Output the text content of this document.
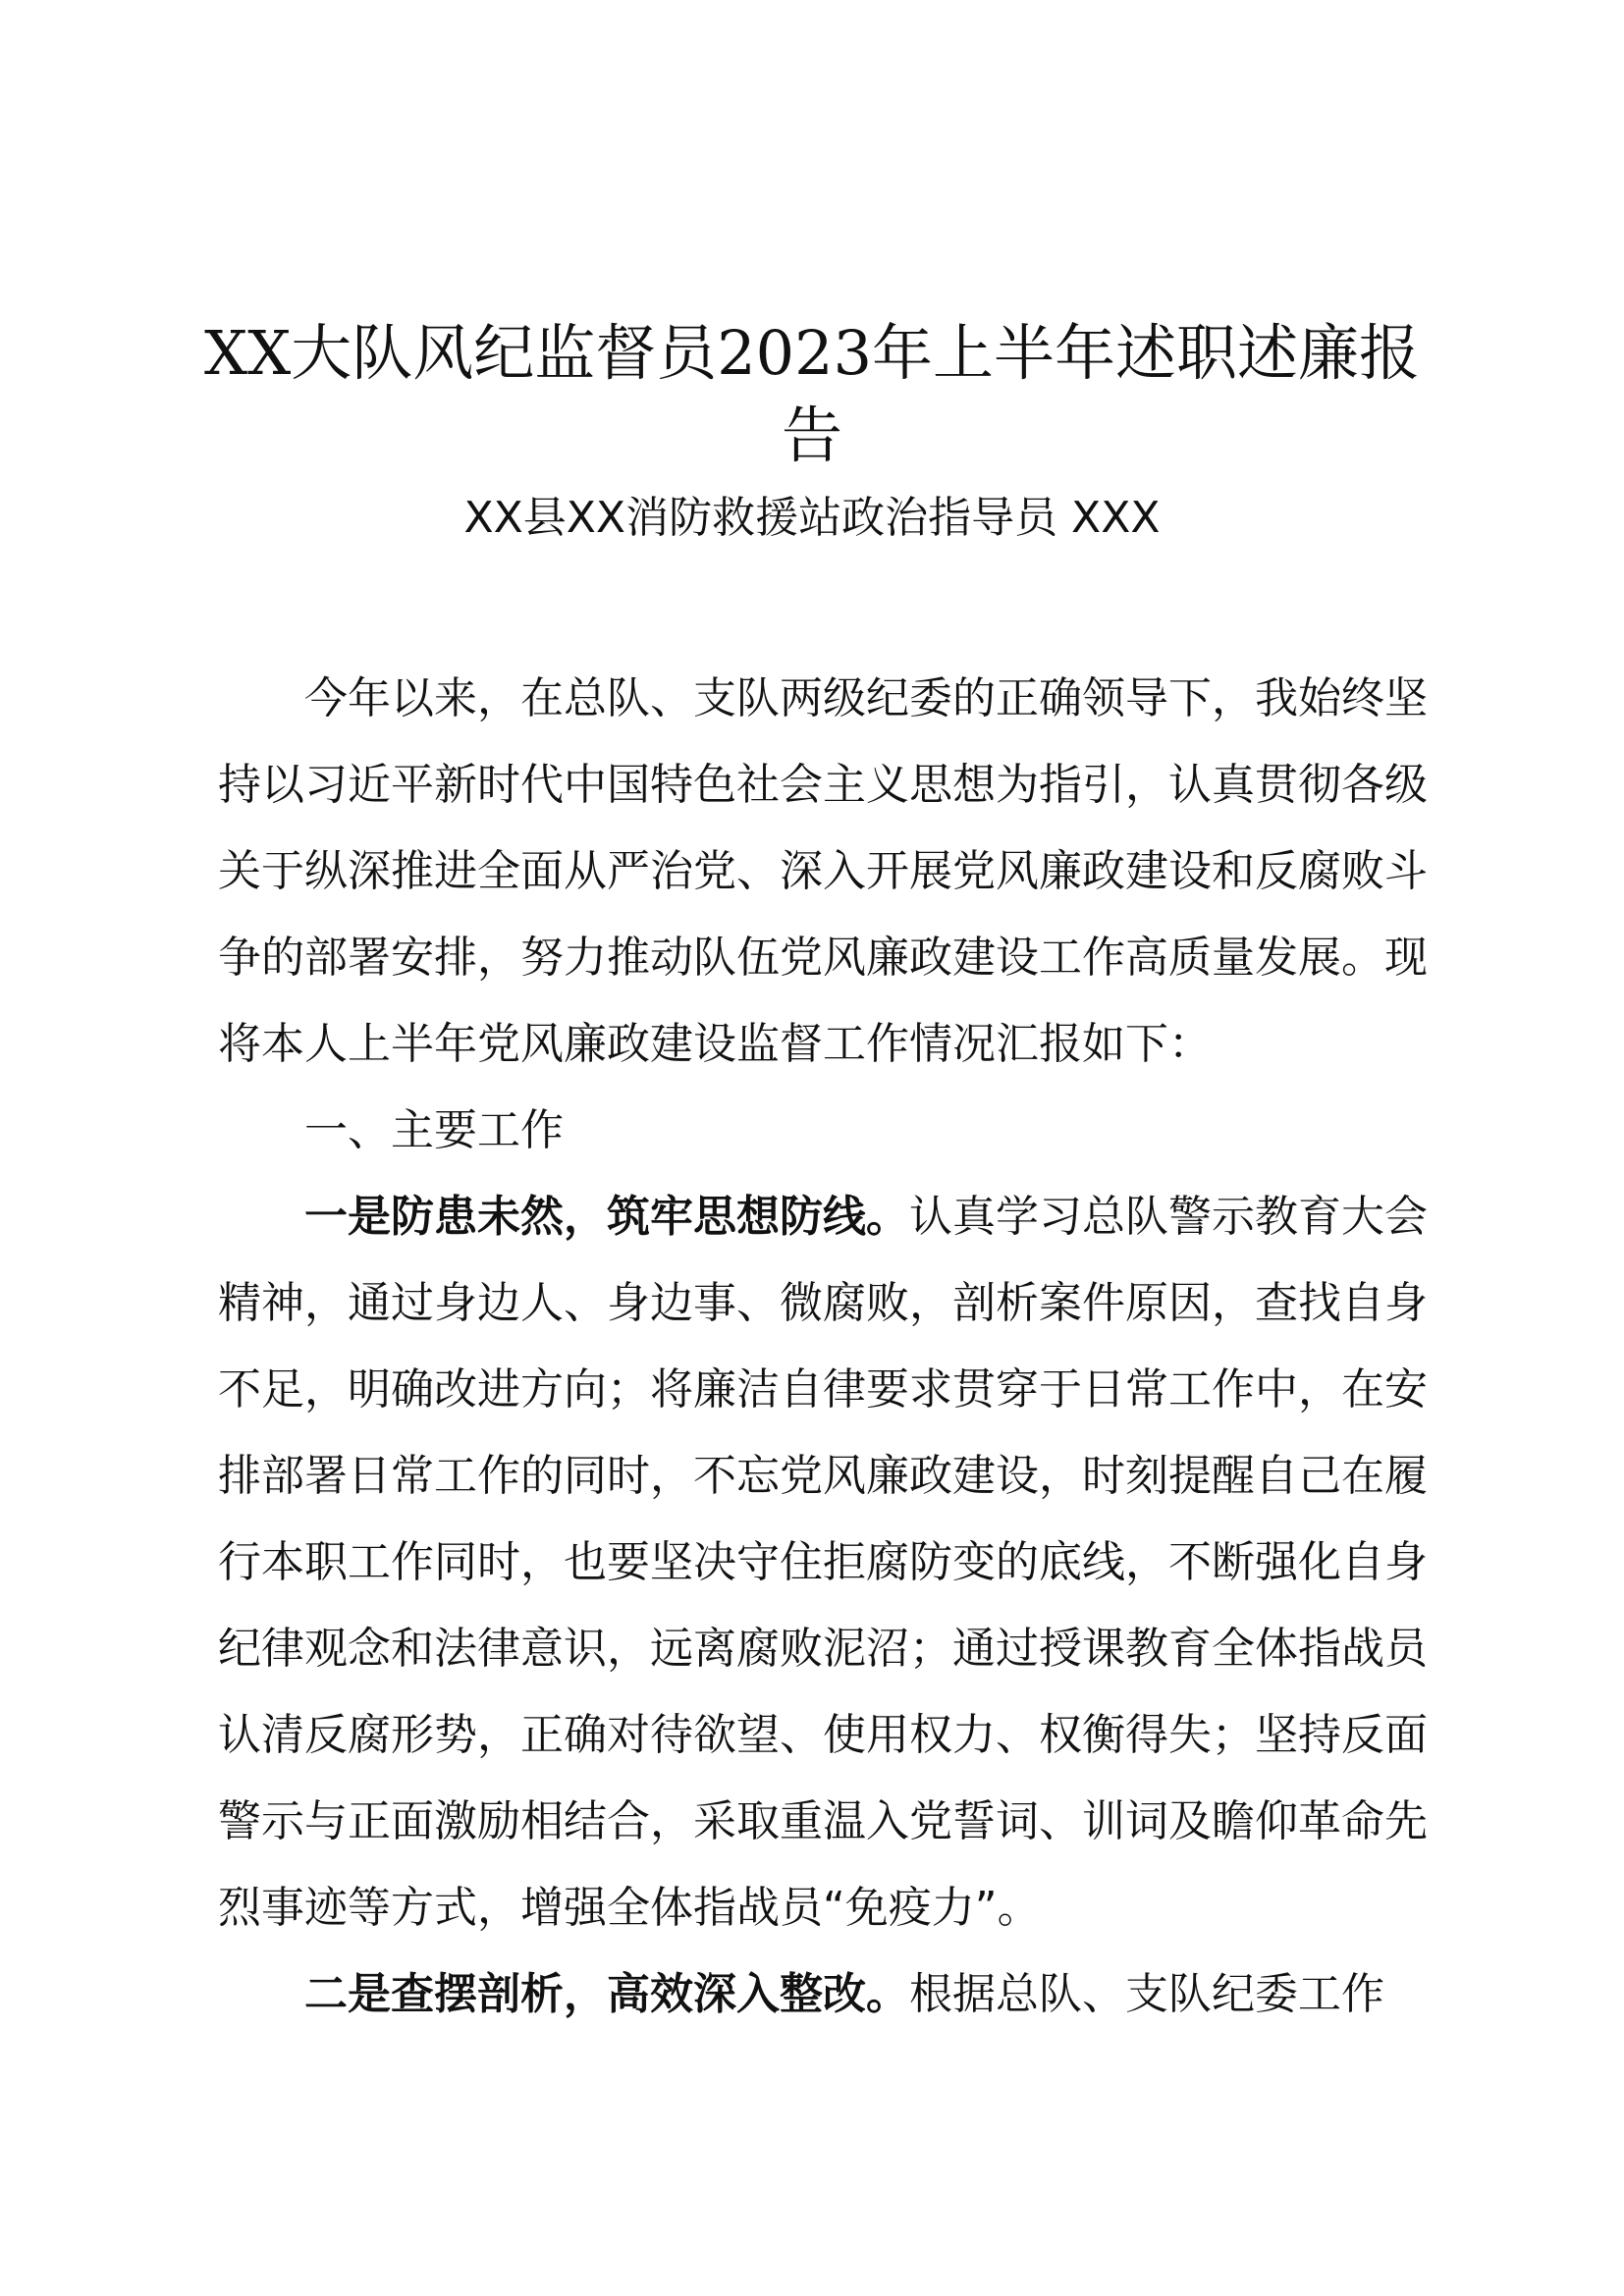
XX大队风纪监督员2023年上半年述职述廉报告

XX县XX消防救援站政治指导员 XXX

今年以来，在总队、支队两级纪委的正确领导下，我始终坚持以习近平新时代中国特色社会主义思想为指引，认真贯彻各级关于纵深推进全面从严治党、深入开展党风廉政建设和反腐败斗争的部署安排，努力推动队伍党风廉政建设工作高质量发展。现将本人上半年党风廉政建设监督工作情况汇报如下：

一、主要工作

一是防患未然，筑牢思想防线。认真学习总队警示教育大会精神，通过身边人、身边事、微腐败，剖析案件原因，查找自身不足，明确改进方向；将廉洁自律要求贯穿于日常工作中，在安排部署日常工作的同时，不忘党风廉政建设，时刻提醒自己在履行本职工作同时，也要坚决守住拒腐防变的底线，不断强化自身纪律观念和法律意识，远离腐败泥沼；通过授课教育全体指战员认清反腐形势，正确对待欲望、使用权力、权衡得失；坚持反面警示与正面激励相结合，采取重温入党誓词、训词及瞻仰革命先烈事迹等方式，增强全体指战员“免疫力”。

二是查摆剖析，高效深入整改。根据总队、支队纪委工作
